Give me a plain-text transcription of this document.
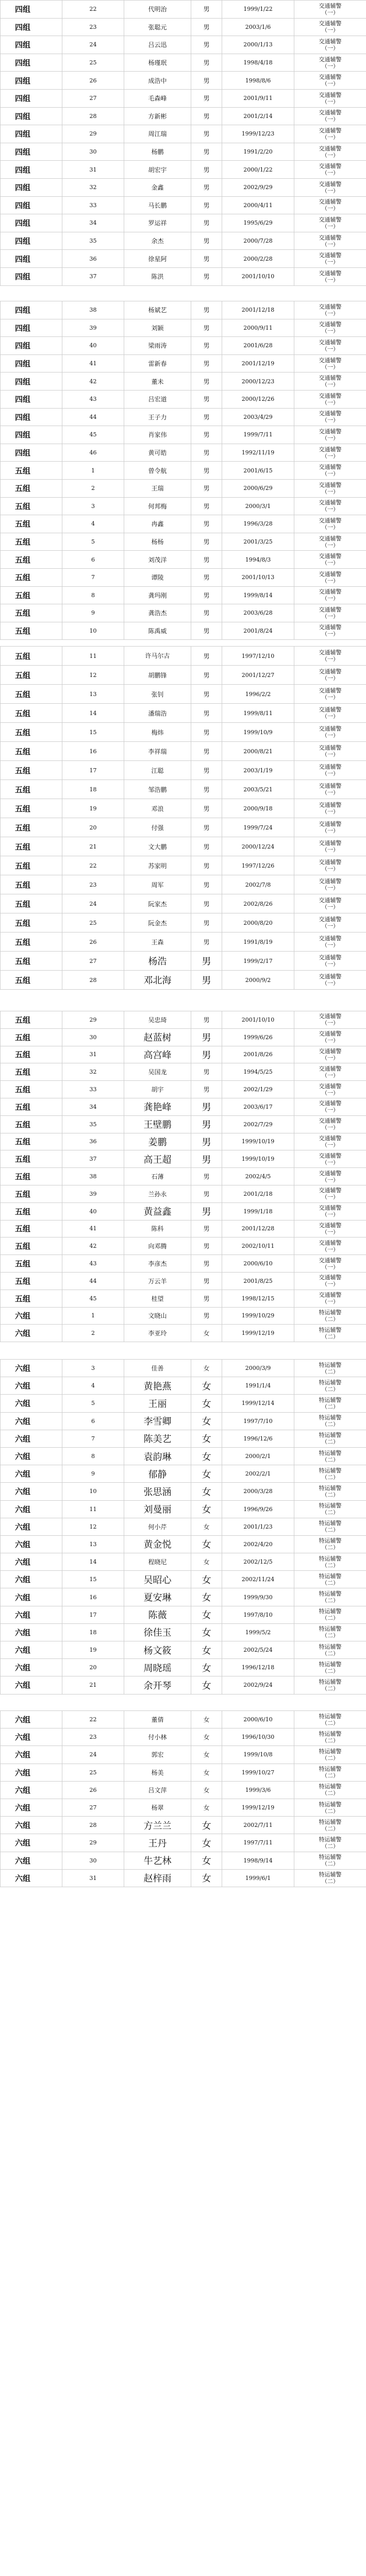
四组	22	代明治	男	1999/1/22	交通辅警
（一）

四组	23	张聪元	男	2003/1/6	交通辅警
（一）

四组	24	吕云迅	男	2000/1/13	交通辅警
（一）

四组	25	杨瑾珉	男	1998/4/18	交通辅警
（一）

四组	26	成浩中	男	1998/8/6	交通辅警
（一）

四组	27	毛森峰	男	2001/9/11	交通辅警
（一）

四组	28	方新彬	男	2001/2/14	交通辅警
（一）

四组	29	周江瑞	男	1999/12/23	交通辅警
（一）

四组	30	杨鹏	男	1991/2/20	交通辅警
（一）

四组	31	胡宏宇	男	2000/1/22	交通辅警
（一）

四组	32	金鑫	男	2002/9/29	交通辅警
（一）

四组	33	马长鹏	男	2000/4/11	交通辅警
（一）

四组	34	罗运祥	男	1995/6/29	交通辅警
（一）

四组	35	余杰	男	2000/7/28	交通辅警
（一）

四组	36	徐星阿	男	2000/2/28	交通辅警
（一）

四组	37	陈洪	男	2001/10/10	交通辅警
（一）
四组	38	杨斌艺	男	2001/12/18	交通辅警
（一）

四组	39	刘颖	男	2000/9/11	交通辅警
（一）

四组	40	梁雨涛	男	2001/6/28	交通辅警
（一）

四组	41	雷新春	男	2001/12/19	交通辅警
（一）

四组	42	董未	男	2000/12/23	交通辅警
（一）

四组	43	吕宏道	男	2000/12/26	交通辅警
（一）

四组	44	王子力	男	2003/4/29	交通辅警
（一）

四组	45	肖家伟	男	1999/7/11	交通辅警
（一）

四组	46	黄可皓	男	1992/11/19	交通辅警
（一）

五组	1	曾令航	男	2001/6/15	交通辅警
（一）

五组	2	王瑞	男	2000/6/29	交通辅警
（一）

五组	3	何邦梅	男	2000/3/1	交通辅警
（一）

五组	4	冉鑫	男	1996/3/28	交通辅警
（一）

五组	5	杨杨	男	2001/3/25	交通辅警
（一）

五组	6	刘茂洋	男	1994/8/3	交通辅警
（一）

五组	7	谭陵	男	2001/10/13	交通辅警
（一）

五组	8	龚玛刚	男	1999/8/14	交通辅警
（一）

五组	9	龚浩杰	男	2003/6/28	交通辅警
（一）

五组	10	陈禹威	男	2001/8/24	交通辅警
（一）
五组	11	许马尔古	男	1997/12/10	交通辅警
（一）

五组	12	胡鹏锋	男	2001/12/27	交通辅警
（一）

五组	13	张钊	男	1996/2/2	交通辅警
（一）

五组	14	潘瑞浩	男	1999/8/11	交通辅警
（一）

五组	15	梅炜	男	1999/10/9	交通辅警
（一）

五组	16	李祥瑞	男	2000/8/21	交通辅警
（一）

五组	17	江聪	男	2003/1/19	交通辅警
（一）

五组	18	邹浩鹏	男	2003/5/21	交通辅警
（一）

五组	19	邓浪	男	2000/9/18	交通辅警
（一）

五组	20	付强	男	1999/7/24	交通辅警
（一）

五组	21	文大鹏	男	2000/12/24	交通辅警
（一）

五组	22	苏家明	男	1997/12/26	交通辅警
（一）

五组	23	周军	男	2002/7/8	交通辅警
（一）

五组	24	阮家杰	男	2002/8/26	交通辅警
（一）

五组	25	阮金杰	男	2000/8/20	交通辅警
（一）

五组	26	王森	男	1991/8/19	交通辅警
（一）

五组	27	杨浩	男	1999/2/17	交通辅警
（一）

五组	28	邓北海	男	2000/9/2	交通辅警
（一）
五组	29	吴忠琦	男	2001/10/10	交通辅警
（一）

五组	30	赵蓝树	男	1999/6/26	交通辅警
（一）

五组	31	高宫峰	男	2001/8/26	交通辅警
（一）

五组	32	吴国龙	男	1994/5/25	交通辅警
（一）

五组	33	胡宇	男	2002/1/29	交通辅警
（一）

五组	34	龚艳峰	男	2003/6/17	交通辅警
（一）

五组	35	王壁鹏	男	2002/7/29	交通辅警
（一）

五组	36	姜鹏	男	1999/10/19	交通辅警
（一）

五组	37	高王超	男	1999/10/19	交通辅警
（一）

五组	38	石薄	男	2002/4/5	交通辅警
（一）

五组	39	兰孙永	男	2001/2/18	交通辅警
（一）

五组	40	黄益鑫	男	1999/1/18	交通辅警
（一）

五组	41	陈科	男	2001/12/28	交通辅警
（一）

五组	42	向邓腾	男	2002/10/11	交通辅警
（一）

五组	43	李彦杰	男	2000/6/10	交通辅警
（一）

五组	44	万云羊	男	2001/8/25	交通辅警
（一）

五组	45	桂望	男	1998/12/15	交通辅警
（一）

六组	1	文晓山	男	1999/10/29	特运辅警
（二）

六组	2	李亚玲	女	1999/12/19	特运辅警
（二）
六组	3	佳善	女	2000/3/9	特运辅警
（二）

六组	4	黄艳燕	女	1991/1/4	特运辅警
（二）

六组	5	王丽	女	1999/12/14	特运辅警
（二）

六组	6	李雪卿	女	1997/7/10	特运辅警
（二）

六组	7	陈美艺	女	1996/12/6	特运辅警
（二）

六组	8	袁韵琳	女	2000/2/1	特运辅警
（二）

六组	9	郁静	女	2002/2/1	特运辅警
（二）

六组	10	张思涵	女	2000/3/28	特运辅警
（二）

六组	11	刘曼丽	女	1996/9/26	特运辅警
（二）

六组	12	何小芹	女	2001/1/23	特运辅警
（二）

六组	13	黄金悦	女	2002/4/20	特运辅警
（二）

六组	14	程晓尼	女	2002/12/5	特运辅警
（二）

六组	15	吴昭心	女	2002/11/24	特运辅警
（二）

六组	16	夏安琳	女	1999/9/30	特运辅警
（二）

六组	17	陈薇	女	1997/8/10	特运辅警
（二）

六组	18	徐佳玉	女	1999/5/2	特运辅警
（二）

六组	19	杨文筱	女	2002/5/24	特运辅警
（二）

六组	20	周晓瑶	女	1996/12/18	特运辅警
（二）

六组	21	余开琴	女	2002/9/24	特运辅警
（二）
六组	22	董倩	女	2000/6/10	特运辅警
（二）

六组	23	付小林	女	1996/10/30	特运辅警
（二）

六组	24	郭宏	女	1999/10/8	特运辅警
（二）

六组	25	杨美	女	1999/10/27	特运辅警
（二）

六组	26	吕文萍	女	1999/3/6	特运辅警
（二）

六组	27	杨翠	女	1999/12/19	特运辅警
（二）

六组	28	方兰兰	女	2002/7/11	特运辅警
（二）

六组	29	王丹	女	1997/7/11	特运辅警
（二）

六组	30	牛艺林	女	1998/9/14	特运辅警
（二）

六组	31	赵梓雨	女	1999/6/1	特运辅警
（二）
